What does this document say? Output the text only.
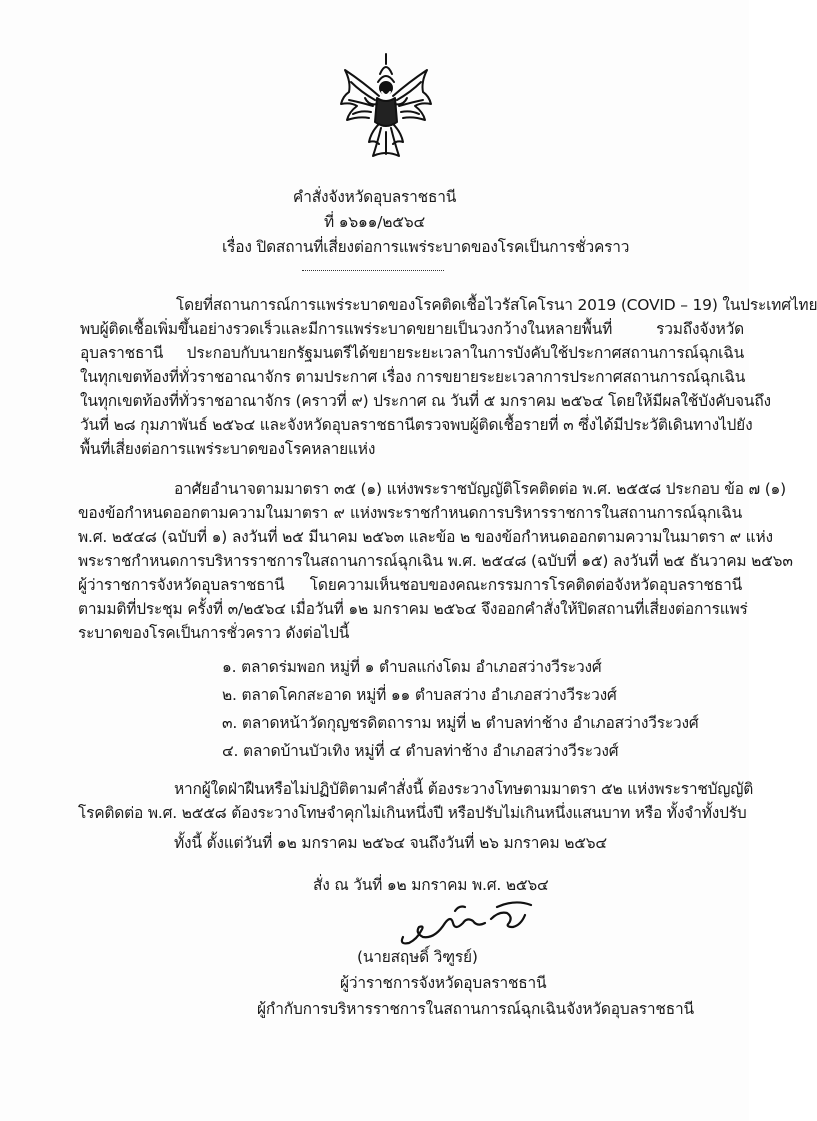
คำสั่งจังหวัดอุบลราชธานี
ที่ ๑๖๑๑/๒๕๖๔
เรื่อง ปิดสถานที่เสี่ยงต่อการแพร่ระบาดของโรคเป็นการชั่วคราว
โดยที่สถานการณ์การแพร่ระบาดของโรคติดเชื้อไวรัสโคโรนา 2019 (COVID – 19) ในประเทศไทย
พบผู้ติดเชื้อเพิ่มขึ้นอย่างรวดเร็วและมีการแพร่ระบาดขยายเป็นวงกว้างในหลายพื้นที่ รวมถึงจังหวัด
อุบลราชธานี ประกอบกับนายกรัฐมนตรีได้ขยายระยะเวลาในการบังคับใช้ประกาศสถานการณ์ฉุกเฉิน
ในทุกเขตท้องที่ทั่วราชอาณาจักร ตามประกาศ เรื่อง การขยายระยะเวลาการประกาศสถานการณ์ฉุกเฉิน
ในทุกเขตท้องที่ทั่วราชอาณาจักร (คราวที่ ๙) ประกาศ ณ วันที่ ๕ มกราคม ๒๕๖๔ โดยให้มีผลใช้บังคับจนถึง
วันที่ ๒๘ กุมภาพันธ์ ๒๕๖๔ และจังหวัดอุบลราชธานีตรวจพบผู้ติดเชื้อรายที่ ๓ ซึ่งได้มีประวัติเดินทางไปยัง
พื้นที่เสี่ยงต่อการแพร่ระบาดของโรคหลายแห่ง
อาศัยอำนาจตามมาตรา ๓๕ (๑) แห่งพระราชบัญญัติโรคติดต่อ พ.ศ. ๒๕๕๘ ประกอบ ข้อ ๗ (๑)
ของข้อกำหนดออกตามความในมาตรา ๙ แห่งพระราชกำหนดการบริหารราชการในสถานการณ์ฉุกเฉิน
พ.ศ. ๒๕๔๘ (ฉบับที่ ๑) ลงวันที่ ๒๕ มีนาคม ๒๕๖๓ และข้อ ๒ ของข้อกำหนดออกตามความในมาตรา ๙ แห่ง
พระราชกำหนดการบริหารราชการในสถานการณ์ฉุกเฉิน พ.ศ. ๒๕๔๘ (ฉบับที่ ๑๕) ลงวันที่ ๒๕ ธันวาคม ๒๕๖๓
ผู้ว่าราชการจังหวัดอุบลราชธานี โดยความเห็นชอบของคณะกรรมการโรคติดต่อจังหวัดอุบลราชธานี
ตามมติที่ประชุม ครั้งที่ ๓/๒๕๖๔ เมื่อวันที่ ๑๒ มกราคม ๒๕๖๔ จึงออกคำสั่งให้ปิดสถานที่เสี่ยงต่อการแพร่
ระบาดของโรคเป็นการชั่วคราว ดังต่อไปนี้
๑. ตลาดร่มพอก หมู่ที่ ๑ ตำบลแก่งโดม อำเภอสว่างวีระวงศ์
๒. ตลาดโคกสะอาด หมู่ที่ ๑๑ ตำบลสว่าง อำเภอสว่างวีระวงศ์
๓. ตลาดหน้าวัดกุญชรดิตถาราม หมู่ที่ ๒ ตำบลท่าช้าง อำเภอสว่างวีระวงศ์
๔. ตลาดบ้านบัวเทิง หมู่ที่ ๔ ตำบลท่าช้าง อำเภอสว่างวีระวงศ์
หากผู้ใดฝ่าฝืนหรือไม่ปฏิบัติตามคำสั่งนี้ ต้องระวางโทษตามมาตรา ๕๒ แห่งพระราชบัญญัติ
โรคติดต่อ พ.ศ. ๒๕๕๘ ต้องระวางโทษจำคุกไม่เกินหนึ่งปี หรือปรับไม่เกินหนึ่งแสนบาท หรือ ทั้งจำทั้งปรับ
ทั้งนี้ ตั้งแต่วันที่ ๑๒ มกราคม ๒๕๖๔ จนถึงวันที่ ๒๖ มกราคม ๒๕๖๔
สั่ง ณ วันที่ ๑๒ มกราคม พ.ศ. ๒๕๖๔
(นายสฤษดิ์ วิฑูรย์)
ผู้ว่าราชการจังหวัดอุบลราชธานี
ผู้กำกับการบริหารราชการในสถานการณ์ฉุกเฉินจังหวัดอุบลราชธานี
